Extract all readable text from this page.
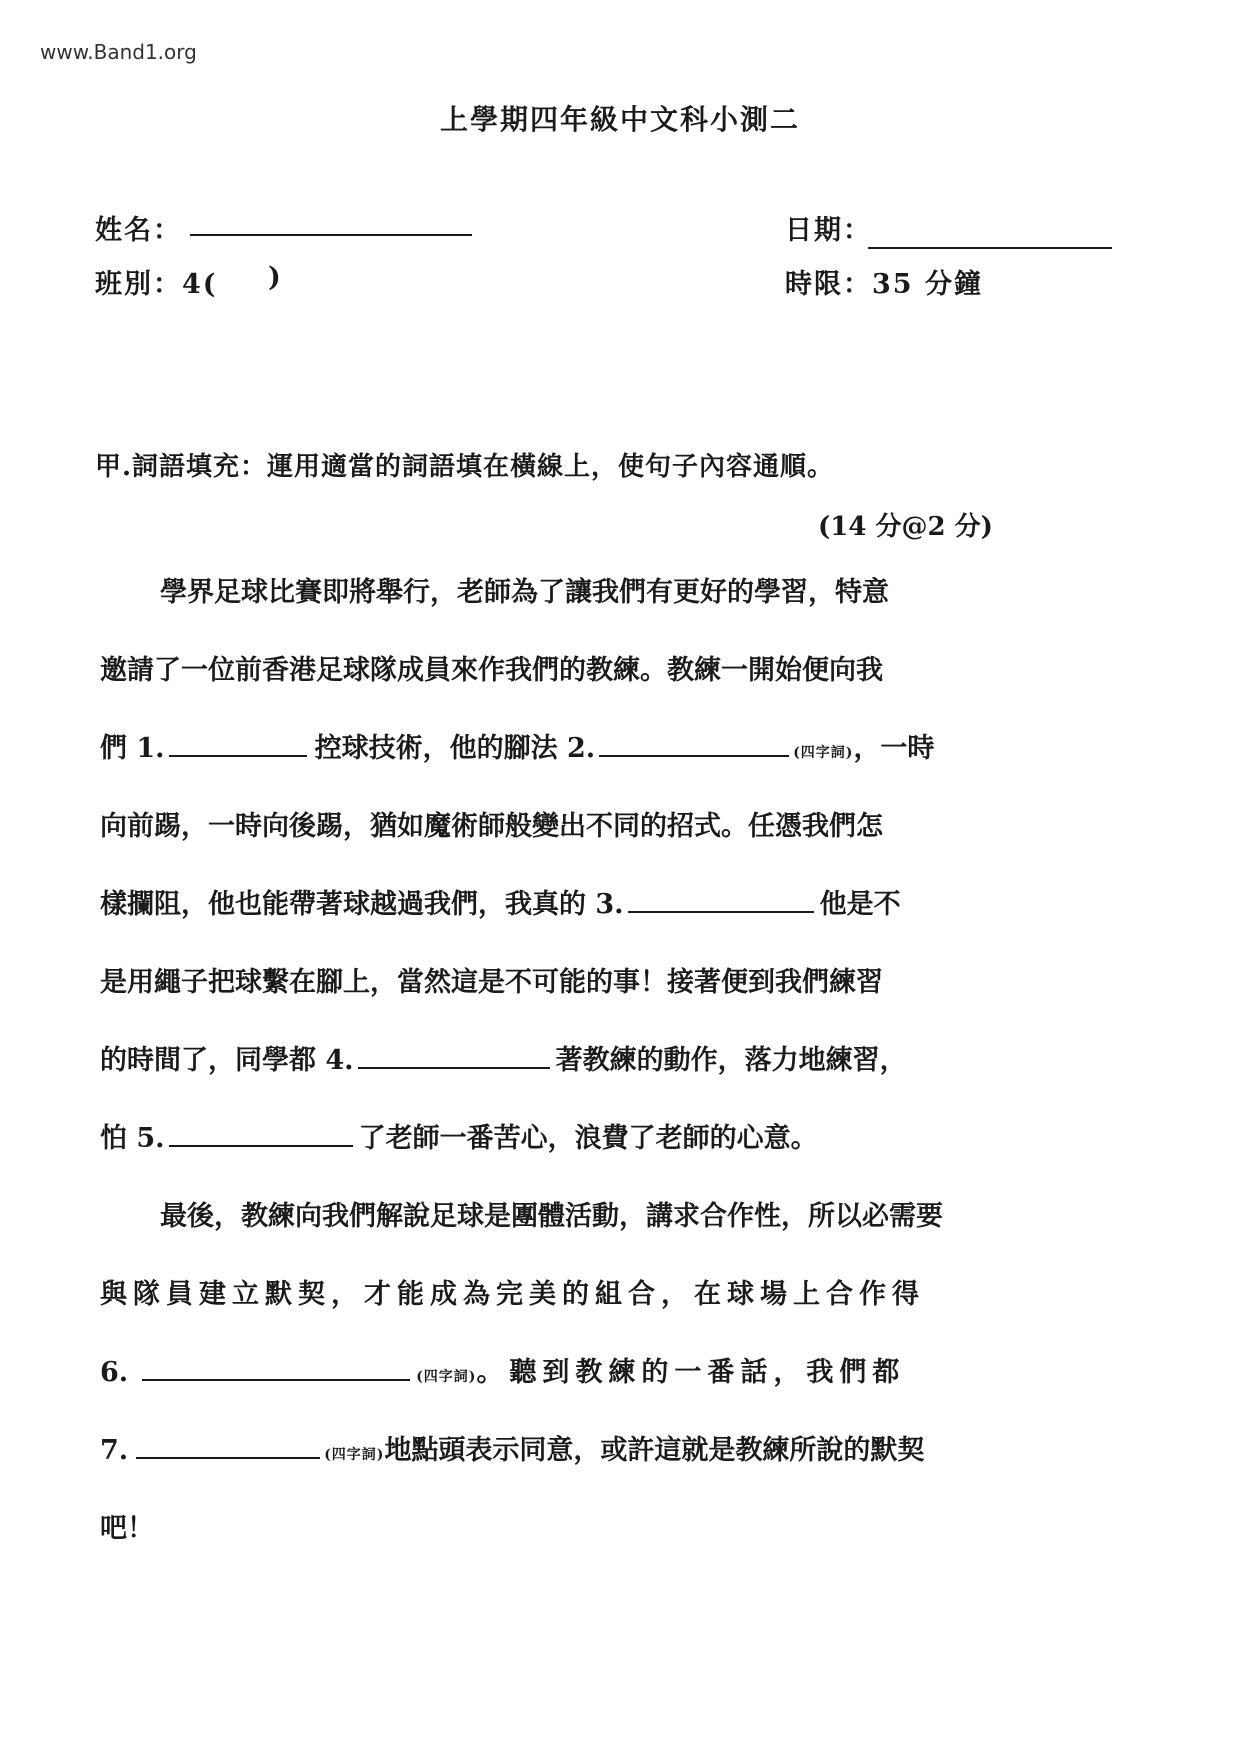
www.Band1.org
上學期四年級中文科小測二
姓名：	日期：
班別：4( )	時限：35 分鐘
甲.詞語填充：運用適當的詞語填在橫線上，使句子內容通順。
(14 分@2 分)
學界足球比賽即將舉行，老師為了讓我們有更好的學習，特意
邀請了一位前香港足球隊成員來作我們的教練。教練一開始便向我
們 1.	控球技術，他的腳法 2.	(四字詞) ，一時
向前踢，一時向後踢，猶如魔術師般變出不同的招式。任憑我們怎
樣攔阻，他也能帶著球越過我們，我真的 3.	他是不
是用繩子把球繫在腳上，當然這是不可能的事！接著便到我們練習
的時間了，同學都 4.	著教練的動作，落力地練習，
怕 5.	了老師一番苦心，浪費了老師的心意。
最後，教練向我們解說足球是團體活動，講求合作性，所以必需要
與隊員建立默契，才能成為完美的組合，在球場上合作得
6.	(四字詞) 。聽到教練的一番話，我們都
7.	(四字詞) 地點頭表示同意，或許這就是教練所說的默契
吧！
